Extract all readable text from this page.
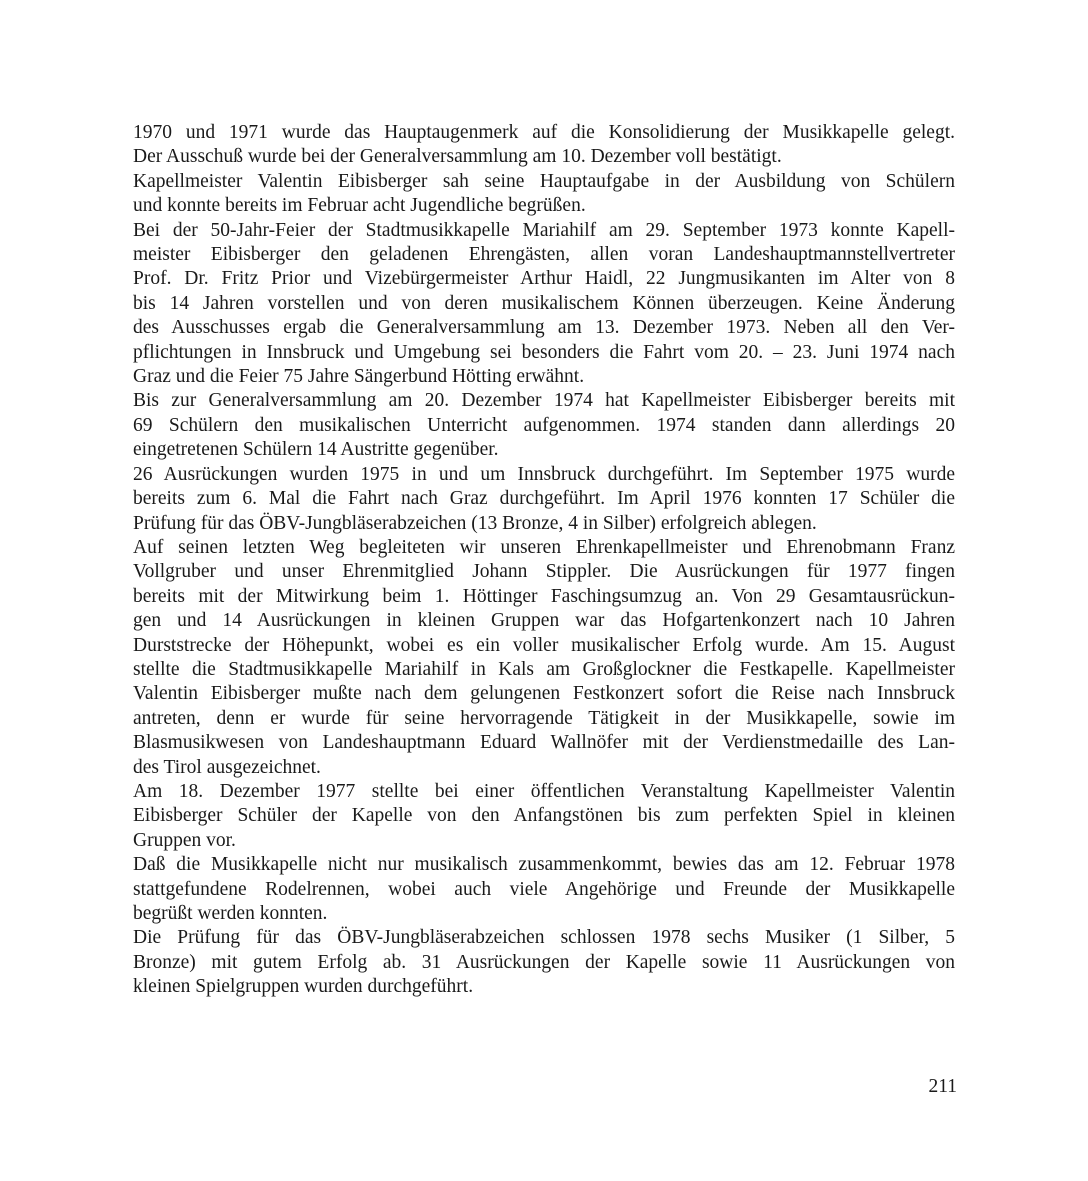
1970 und 1971 wurde das Hauptaugenmerk auf die Konsolidierung der Musikkapelle gelegt.
Der Ausschuß wurde bei der Generalversammlung am 10. Dezember voll bestätigt.

Kapellmeister Valentin Eibisberger sah seine Hauptaufgabe in der Ausbildung von Schülern
und konnte bereits im Februar acht Jugendliche begrüßen.

Bei der 50-Jahr-Feier der Stadtmusikkapelle Mariahilf am 29. September 1973 konnte Kapell-
meister Eibisberger den geladenen Ehrengästen, allen voran Landeshauptmannstellvertreter
Prof. Dr. Fritz Prior und Vizebürgermeister Arthur Haidl, 22 Jungmusikanten im Alter von 8
bis 14 Jahren vorstellen und von deren musikalischem Können überzeugen. Keine Änderung
des Ausschusses ergab die Generalversammlung am 13. Dezember 1973. Neben all den Ver-
pflichtungen in Innsbruck und Umgebung sei besonders die Fahrt vom 20. – 23. Juni 1974 nach
Graz und die Feier 75 Jahre Sängerbund Hötting erwähnt.

Bis zur Generalversammlung am 20. Dezember 1974 hat Kapellmeister Eibisberger bereits mit
69 Schülern den musikalischen Unterricht aufgenommen. 1974 standen dann allerdings 20
eingetretenen Schülern 14 Austritte gegenüber.

26 Ausrückungen wurden 1975 in und um Innsbruck durchgeführt. Im September 1975 wurde
bereits zum 6. Mal die Fahrt nach Graz durchgeführt. Im April 1976 konnten 17 Schüler die
Prüfung für das ÖBV-Jungbläserabzeichen (13 Bronze, 4 in Silber) erfolgreich ablegen.

Auf seinen letzten Weg begleiteten wir unseren Ehrenkapellmeister und Ehrenobmann Franz
Vollgruber und unser Ehrenmitglied Johann Stippler. Die Ausrückungen für 1977 fingen
bereits mit der Mitwirkung beim 1. Höttinger Faschingsumzug an. Von 29 Gesamtausrückun-
gen und 14 Ausrückungen in kleinen Gruppen war das Hofgartenkonzert nach 10 Jahren
Durststrecke der Höhepunkt, wobei es ein voller musikalischer Erfolg wurde. Am 15. August
stellte die Stadtmusikkapelle Mariahilf in Kals am Großglockner die Festkapelle. Kapellmeister
Valentin Eibisberger mußte nach dem gelungenen Festkonzert sofort die Reise nach Innsbruck
antreten, denn er wurde für seine hervorragende Tätigkeit in der Musikkapelle, sowie im
Blasmusikwesen von Landeshauptmann Eduard Wallnöfer mit der Verdienstmedaille des Lan-
des Tirol ausgezeichnet.

Am 18. Dezember 1977 stellte bei einer öffentlichen Veranstaltung Kapellmeister Valentin
Eibisberger Schüler der Kapelle von den Anfangstönen bis zum perfekten Spiel in kleinen
Gruppen vor.

Daß die Musikkapelle nicht nur musikalisch zusammenkommt, bewies das am 12. Februar 1978
stattgefundene Rodelrennen, wobei auch viele Angehörige und Freunde der Musikkapelle
begrüßt werden konnten.

Die Prüfung für das ÖBV-Jungbläserabzeichen schlossen 1978 sechs Musiker (1 Silber, 5
Bronze) mit gutem Erfolg ab. 31 Ausrückungen der Kapelle sowie 11 Ausrückungen von
kleinen Spielgruppen wurden durchgeführt.

211
